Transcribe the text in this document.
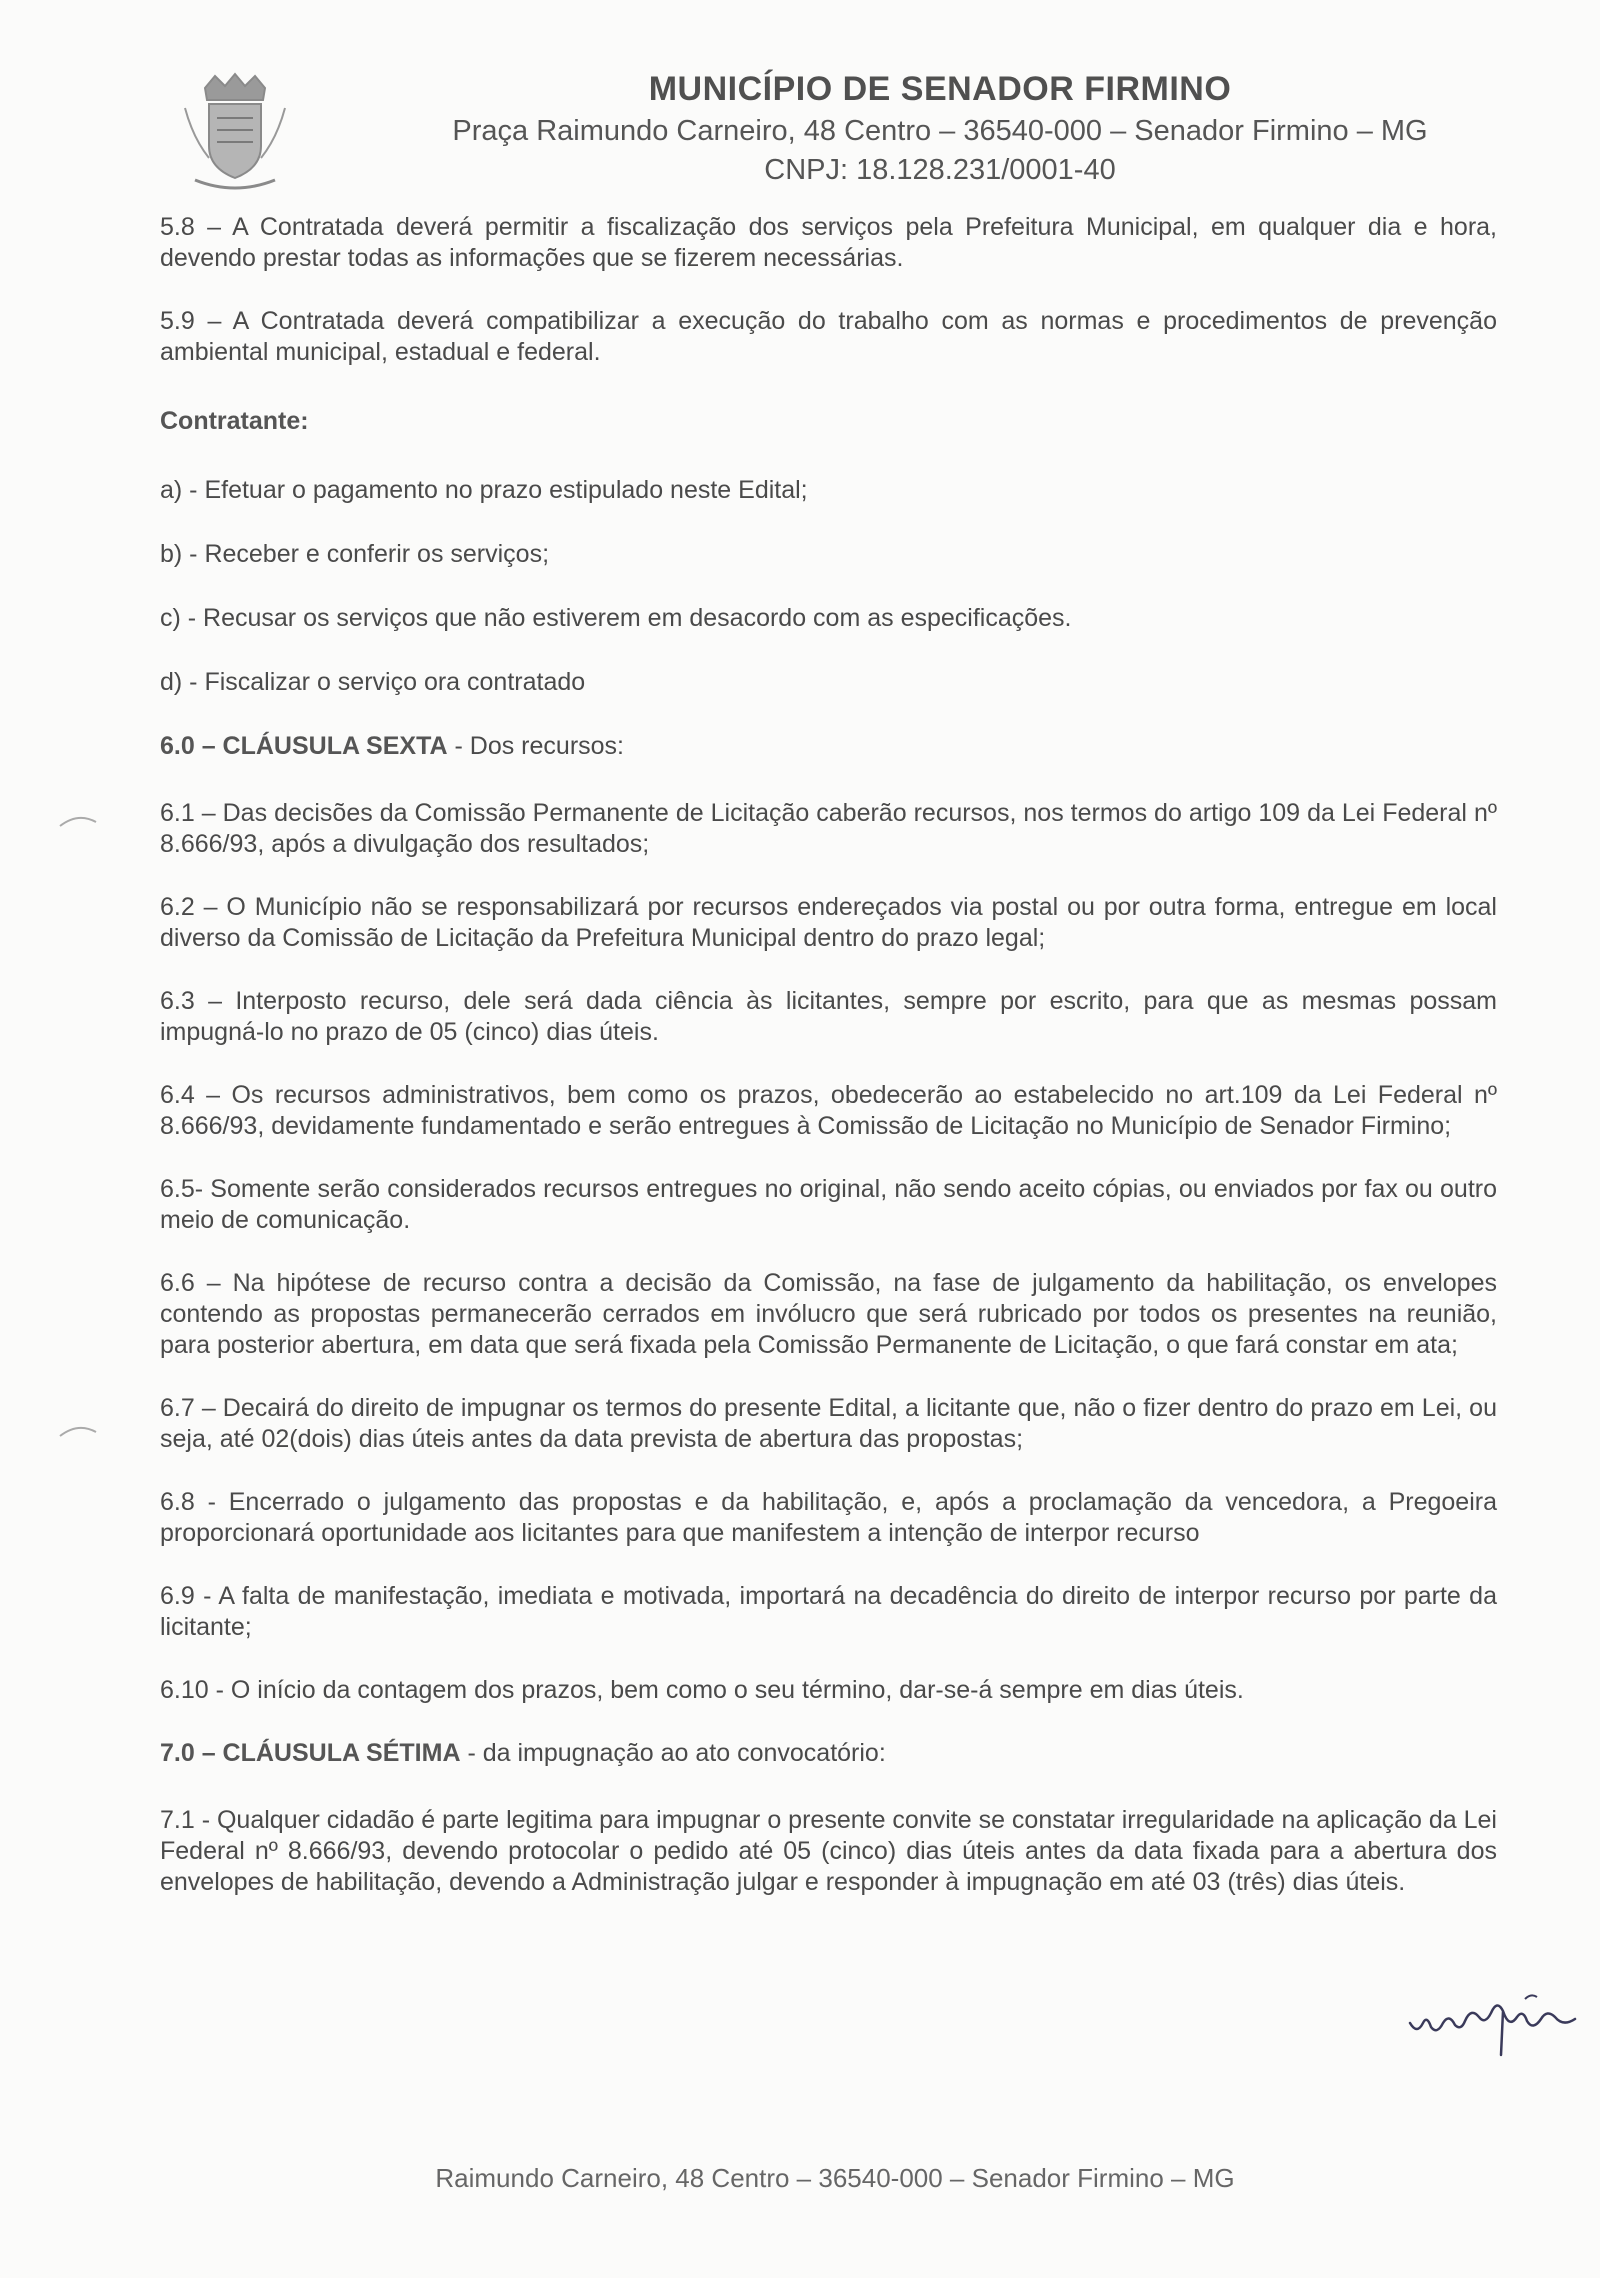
MUNICÍPIO DE SENADOR FIRMINO
Praça Raimundo Carneiro, 48 Centro – 36540-000 – Senador Firmino – MG
CNPJ: 18.128.231/0001-40

5.8 – A Contratada deverá permitir a fiscalização dos serviços pela Prefeitura Municipal, em qualquer dia e hora, devendo prestar todas as informações que se fizerem necessárias.

5.9 – A Contratada deverá compatibilizar a execução do trabalho com as normas e procedimentos de prevenção ambiental municipal, estadual e federal.

Contratante:
a) - Efetuar o pagamento no prazo estipulado neste Edital;
b) - Receber e conferir os serviços;
c) - Recusar os serviços que não estiverem em desacordo com as especificações.
d) - Fiscalizar o serviço ora contratado
6.0 – CLÁUSULA SEXTA - Dos recursos:

6.1 – Das decisões da Comissão Permanente de Licitação caberão recursos, nos termos do artigo 109 da Lei Federal nº 8.666/93, após a divulgação dos resultados;

6.2 – O Município não se responsabilizará por recursos endereçados via postal ou por outra forma, entregue em local diverso da Comissão de Licitação da Prefeitura Municipal dentro do prazo legal;

6.3 – Interposto recurso, dele será dada ciência às licitantes, sempre por escrito, para que as mesmas possam impugná-lo no prazo de 05 (cinco) dias úteis.

6.4 – Os recursos administrativos, bem como os prazos, obedecerão ao estabelecido no art.109 da Lei Federal nº 8.666/93, devidamente fundamentado e serão entregues à Comissão de Licitação no Município de Senador Firmino;

6.5- Somente serão considerados recursos entregues no original, não sendo aceito cópias, ou enviados por fax ou outro meio de comunicação.

6.6 – Na hipótese de recurso contra a decisão da Comissão, na fase de julgamento da habilitação, os envelopes contendo as propostas permanecerão cerrados em invólucro que será rubricado por todos os presentes na reunião, para posterior abertura, em data que será fixada pela Comissão Permanente de Licitação, o que fará constar em ata;

6.7 – Decairá do direito de impugnar os termos do presente Edital, a licitante que, não o fizer dentro do prazo em Lei, ou seja, até 02(dois) dias úteis antes da data prevista de abertura das propostas;

6.8 - Encerrado o julgamento das propostas e da habilitação, e, após a proclamação da vencedora, a Pregoeira proporcionará oportunidade aos licitantes para que manifestem a intenção de interpor recurso

6.9 - A falta de manifestação, imediata e motivada, importará na decadência do direito de interpor recurso por parte da licitante;

6.10 - O início da contagem dos prazos, bem como o seu término, dar-se-á sempre em dias úteis.

7.0 – CLÁUSULA SÉTIMA - da impugnação ao ato convocatório:

7.1 - Qualquer cidadão é parte legitima para impugnar o presente convite se constatar irregularidade na aplicação da Lei Federal nº 8.666/93, devendo protocolar o pedido até 05 (cinco) dias úteis antes da data fixada para a abertura dos envelopes de habilitação, devendo a Administração julgar e responder à impugnação em até 03 (três) dias úteis.

Raimundo Carneiro, 48 Centro – 36540-000 – Senador Firmino – MG
